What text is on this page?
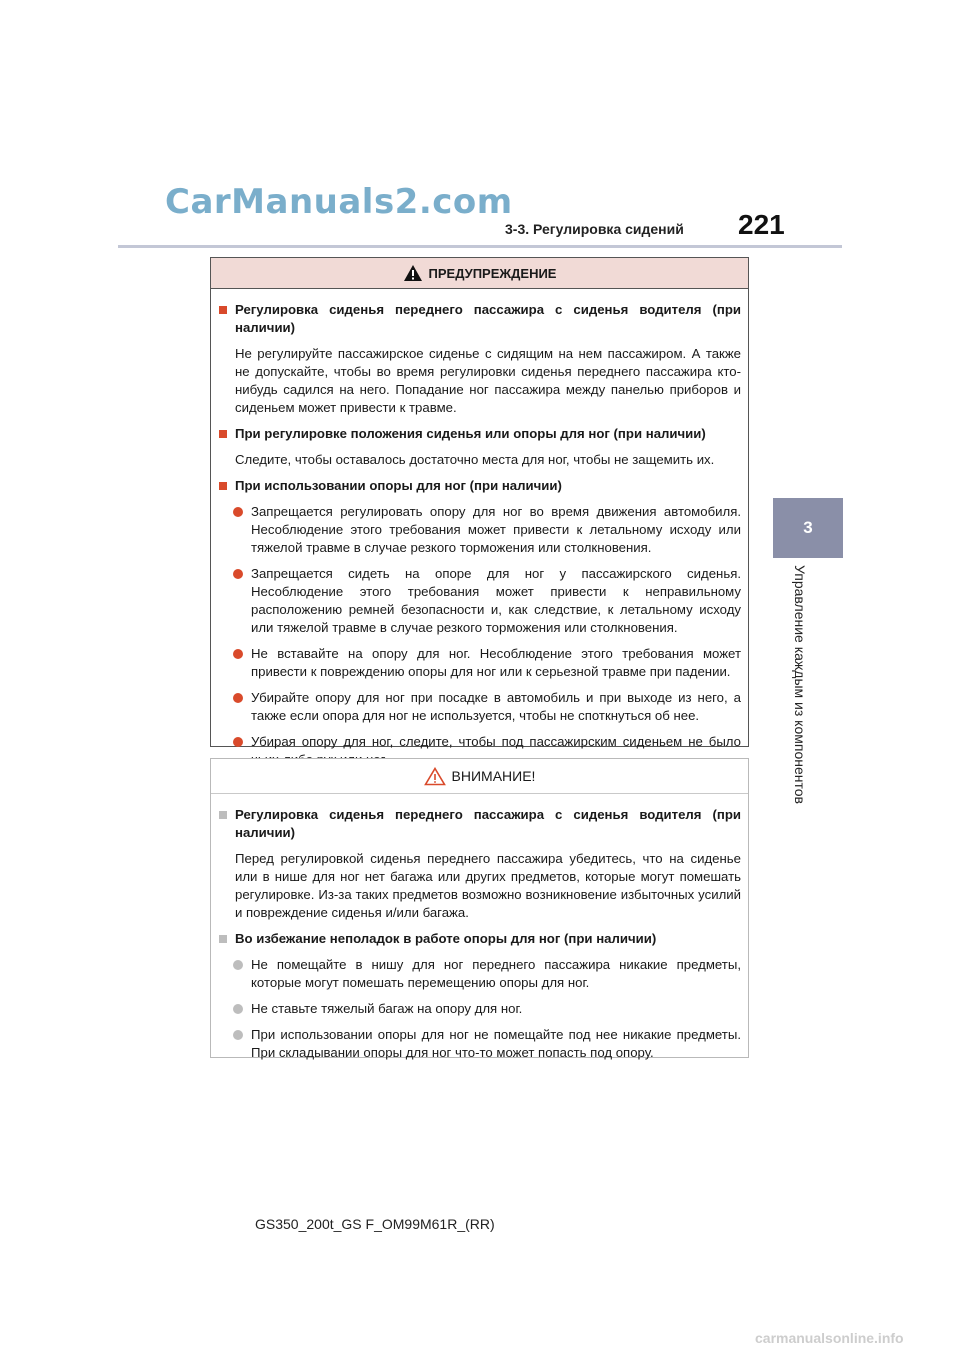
CarManuals2.com
3-3. Регулировка сидений 221
3
Управление каждым из компонентов
ПРЕДУПРЕЖДЕНИЕ
Регулировка сиденья переднего пассажира с сиденья водителя (при наличии)
Не регулируйте пассажирское сиденье с сидящим на нем пассажиром. А также не допускайте, чтобы во время регулировки сиденья переднего пассажира кто-нибудь садился на него. Попадание ног пассажира между панелью приборов и сиденьем может привести к травме.
При регулировке положения сиденья или опоры для ног (при наличии)
Следите, чтобы оставалось достаточно места для ног, чтобы не защемить их.
При использовании опоры для ног (при наличии)
Запрещается регулировать опору для ног во время движения автомобиля. Несоблюдение этого требования может привести к летальному исходу или тяжелой травме в случае резкого торможения или столкновения.
Запрещается сидеть на опоре для ног у пассажирского сиденья. Несоблюдение этого требования может привести к неправильному расположению ремней безопасности и, как следствие, к летальному исходу или тяжелой травме в случае резкого торможения или столкновения.
Не вставайте на опору для ног. Несоблюдение этого требования может привести к повреждению опоры для ног или к серьезной травме при падении.
Убирайте опору для ног при посадке в автомобиль и при выходе из него, а также если опора для ног не используется, чтобы не споткнуться об нее.
Убирая опору для ног, следите, чтобы под пассажирским сиденьем не было
ВНИМАНИЕ!
Регулировка сиденья переднего пассажира с сиденья водителя (при наличии)
Перед регулировкой сиденья переднего пассажира убедитесь, что на сиденье или в нише для ног нет багажа или других предметов, которые могут помешать регулировке. Из-за таких предметов возможно возникновение избыточных усилий и повреждение сиденья и/или багажа.
Во избежание неполадок в работе опоры для ног (при наличии)
Не помещайте в нишу для ног переднего пассажира никакие предметы, которые могут помешать перемещению опоры для ног.
Не ставьте тяжелый багаж на опору для ног.
При использовании опоры для ног не помещайте под нее никакие предметы. При складывании опоры для ног что-то может попасть под опору.
GS350_200t_GS F_OM99M61R_(RR)
carmanualsonline.info
